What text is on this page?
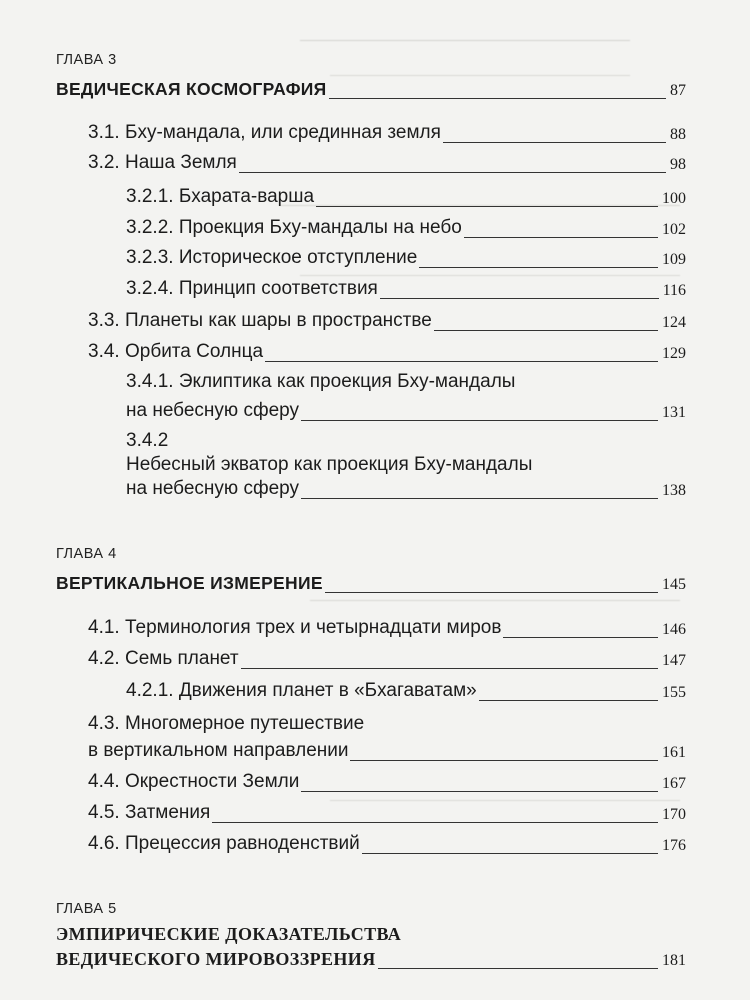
ГЛАВА 3
ВЕДИЧЕСКАЯ КОСМОГРАФИЯ	87
3.1. Бху-мандала, или срединная земля	88
3.2. Наша Земля	98
3.2.1. Бхарата-варша	100
3.2.2. Проекция Бху-мандалы на небо	102
3.2.3. Историческое отступление	109
3.2.4. Принцип соответствия	116
3.3. Планеты как шары в пространстве	124
3.4. Орбита Солнца	129
3.4.1. Эклиптика как проекция Бху-мандалы
на небесную сферу	131
3.4.2
Небесный экватор как проекция Бху-мандалы
на небесную сферу	138
ГЛАВА 4
ВЕРТИКАЛЬНОЕ ИЗМЕРЕНИЕ	145
4.1. Терминология трех и четырнадцати миров	146
4.2. Семь планет	147
4.2.1. Движения планет в «Бхагаватам»	155
4.3. Многомерное путешествие
в вертикальном направлении	161
4.4. Окрестности Земли	167
4.5. Затмения	170
4.6. Прецессия равноденствий	176
ГЛАВА 5
ЭМПИРИЧЕСКИЕ ДОКАЗАТЕЛЬСТВА
ВЕДИЧЕСКОГО МИРОВОЗЗРЕНИЯ	181
